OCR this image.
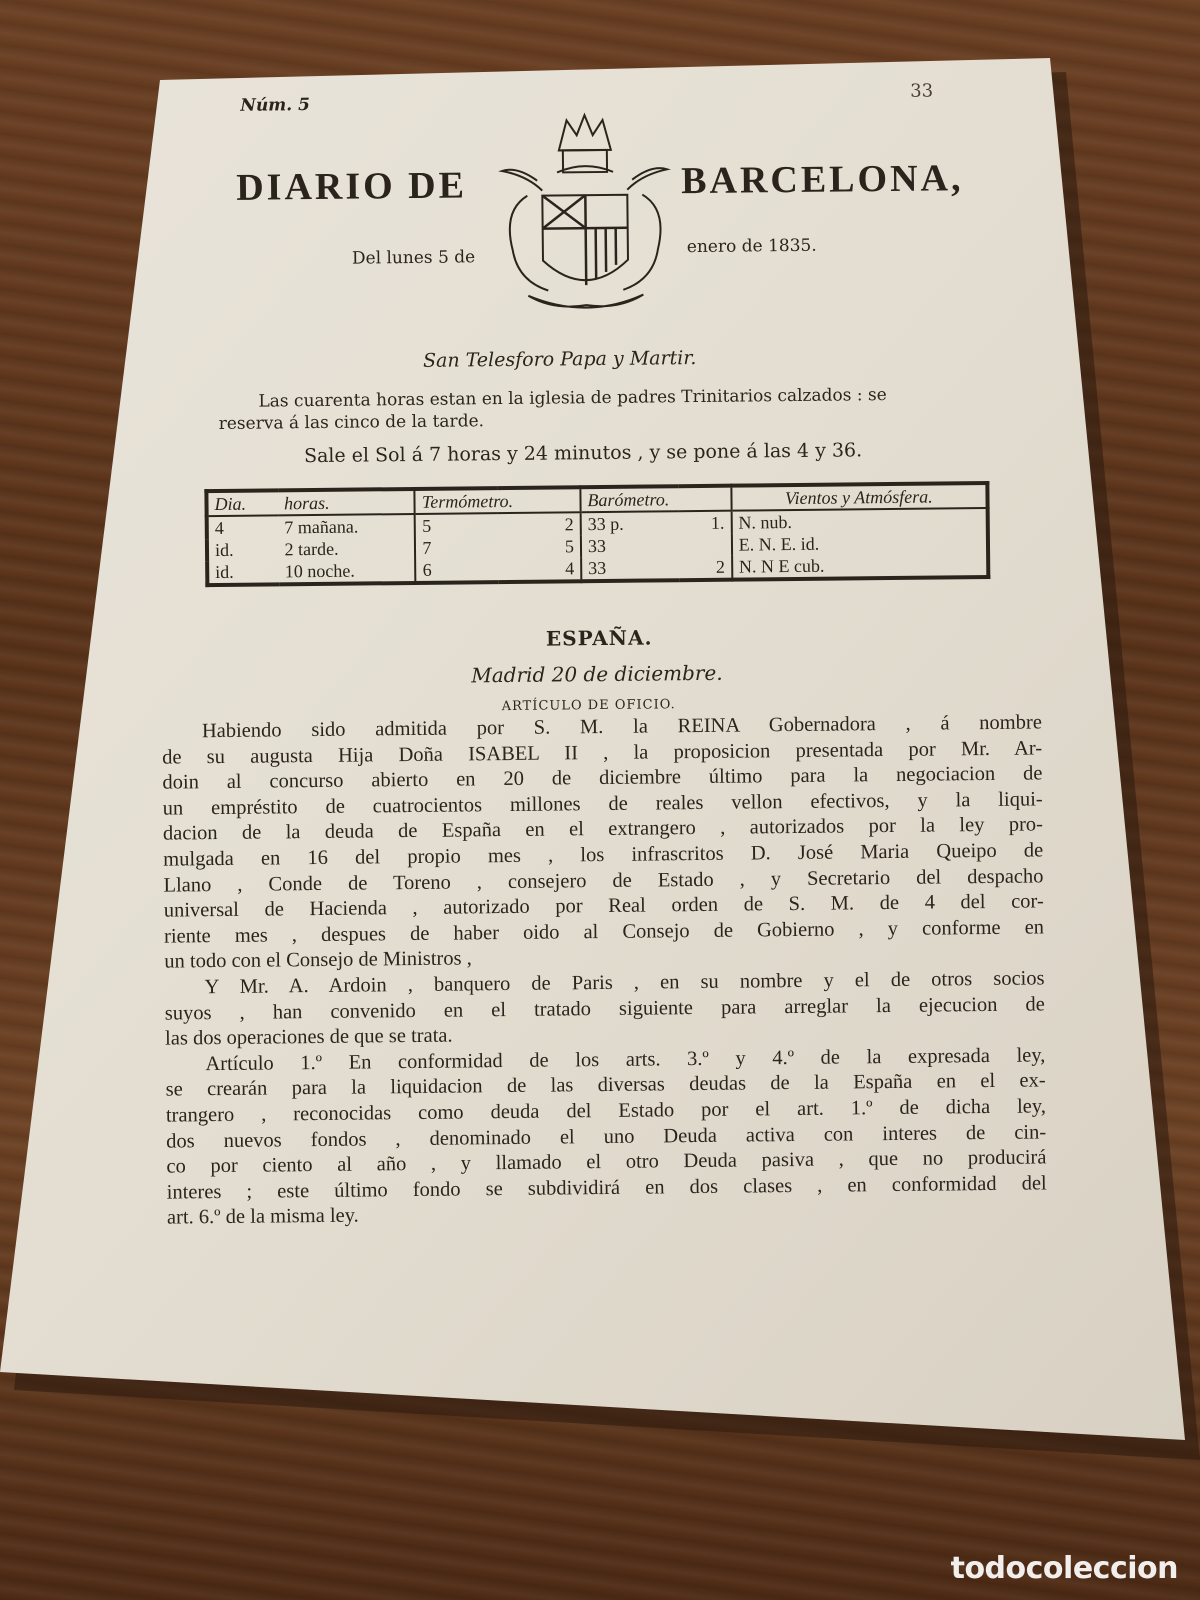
Núm. 5
33
DIARIO DE	BARCELONA,
Del lunes 5 de
enero de 1835.
San Telesforo Papa y Martir.
Las cuarenta horas estan en la iglesia de padres Trinitarios calzados : se
reserva á las cinco de la tarde.
Sale el Sol á 7 horas y 24 minutos , y se pone á las 4 y 36.
Dia.	horas.	Termómetro.		Barómetro.		Vientos y Atmósfera.
4	7 mañana.	5	2	33 p.	1.	N. nub.
id.	2 tarde.	7	5	33		E. N. E. id.
id.	10 noche.	6	4	33	2	N. N E cub.
ESPAÑA.
Madrid 20 de diciembre.
ARTÍCULO DE OFICIO.
Habiendo sido admitida por S. M. la REINA Gobernadora , á nombre
de su augusta Hija Doña ISABEL II , la proposicion presentada por Mr. Ar-
doin al concurso abierto en 20 de diciembre último para la negociacion de
un empréstito de cuatrocientos millones de reales vellon efectivos, y la liqui-
dacion de la deuda de España en el extrangero , autorizados por la ley pro-
mulgada en 16 del propio mes , los infrascritos D. José Maria Queipo de
Llano , Conde de Toreno , consejero de Estado , y Secretario del despacho
universal de Hacienda , autorizado por Real orden de S. M. de 4 del cor-
riente mes , despues de haber oido al Consejo de Gobierno , y conforme en
un todo con el Consejo de Ministros ,
Y Mr. A. Ardoin , banquero de Paris , en su nombre y el de otros socios
suyos , han convenido en el tratado siguiente para arreglar la ejecucion de
las dos operaciones de que se trata.
Artículo 1.º En conformidad de los arts. 3.º y 4.º de la expresada ley,
se crearán para la liquidacion de las diversas deudas de la España en el ex-
trangero , reconocidas como deuda del Estado por el art. 1.º de dicha ley,
dos nuevos fondos , denominado el uno Deuda activa con interes de cin-
co por ciento al año , y llamado el otro Deuda pasiva , que no producirá
interes ; este último fondo se subdividirá en dos clases , en conformidad del
art. 6.º de la misma ley.
todocoleccion
